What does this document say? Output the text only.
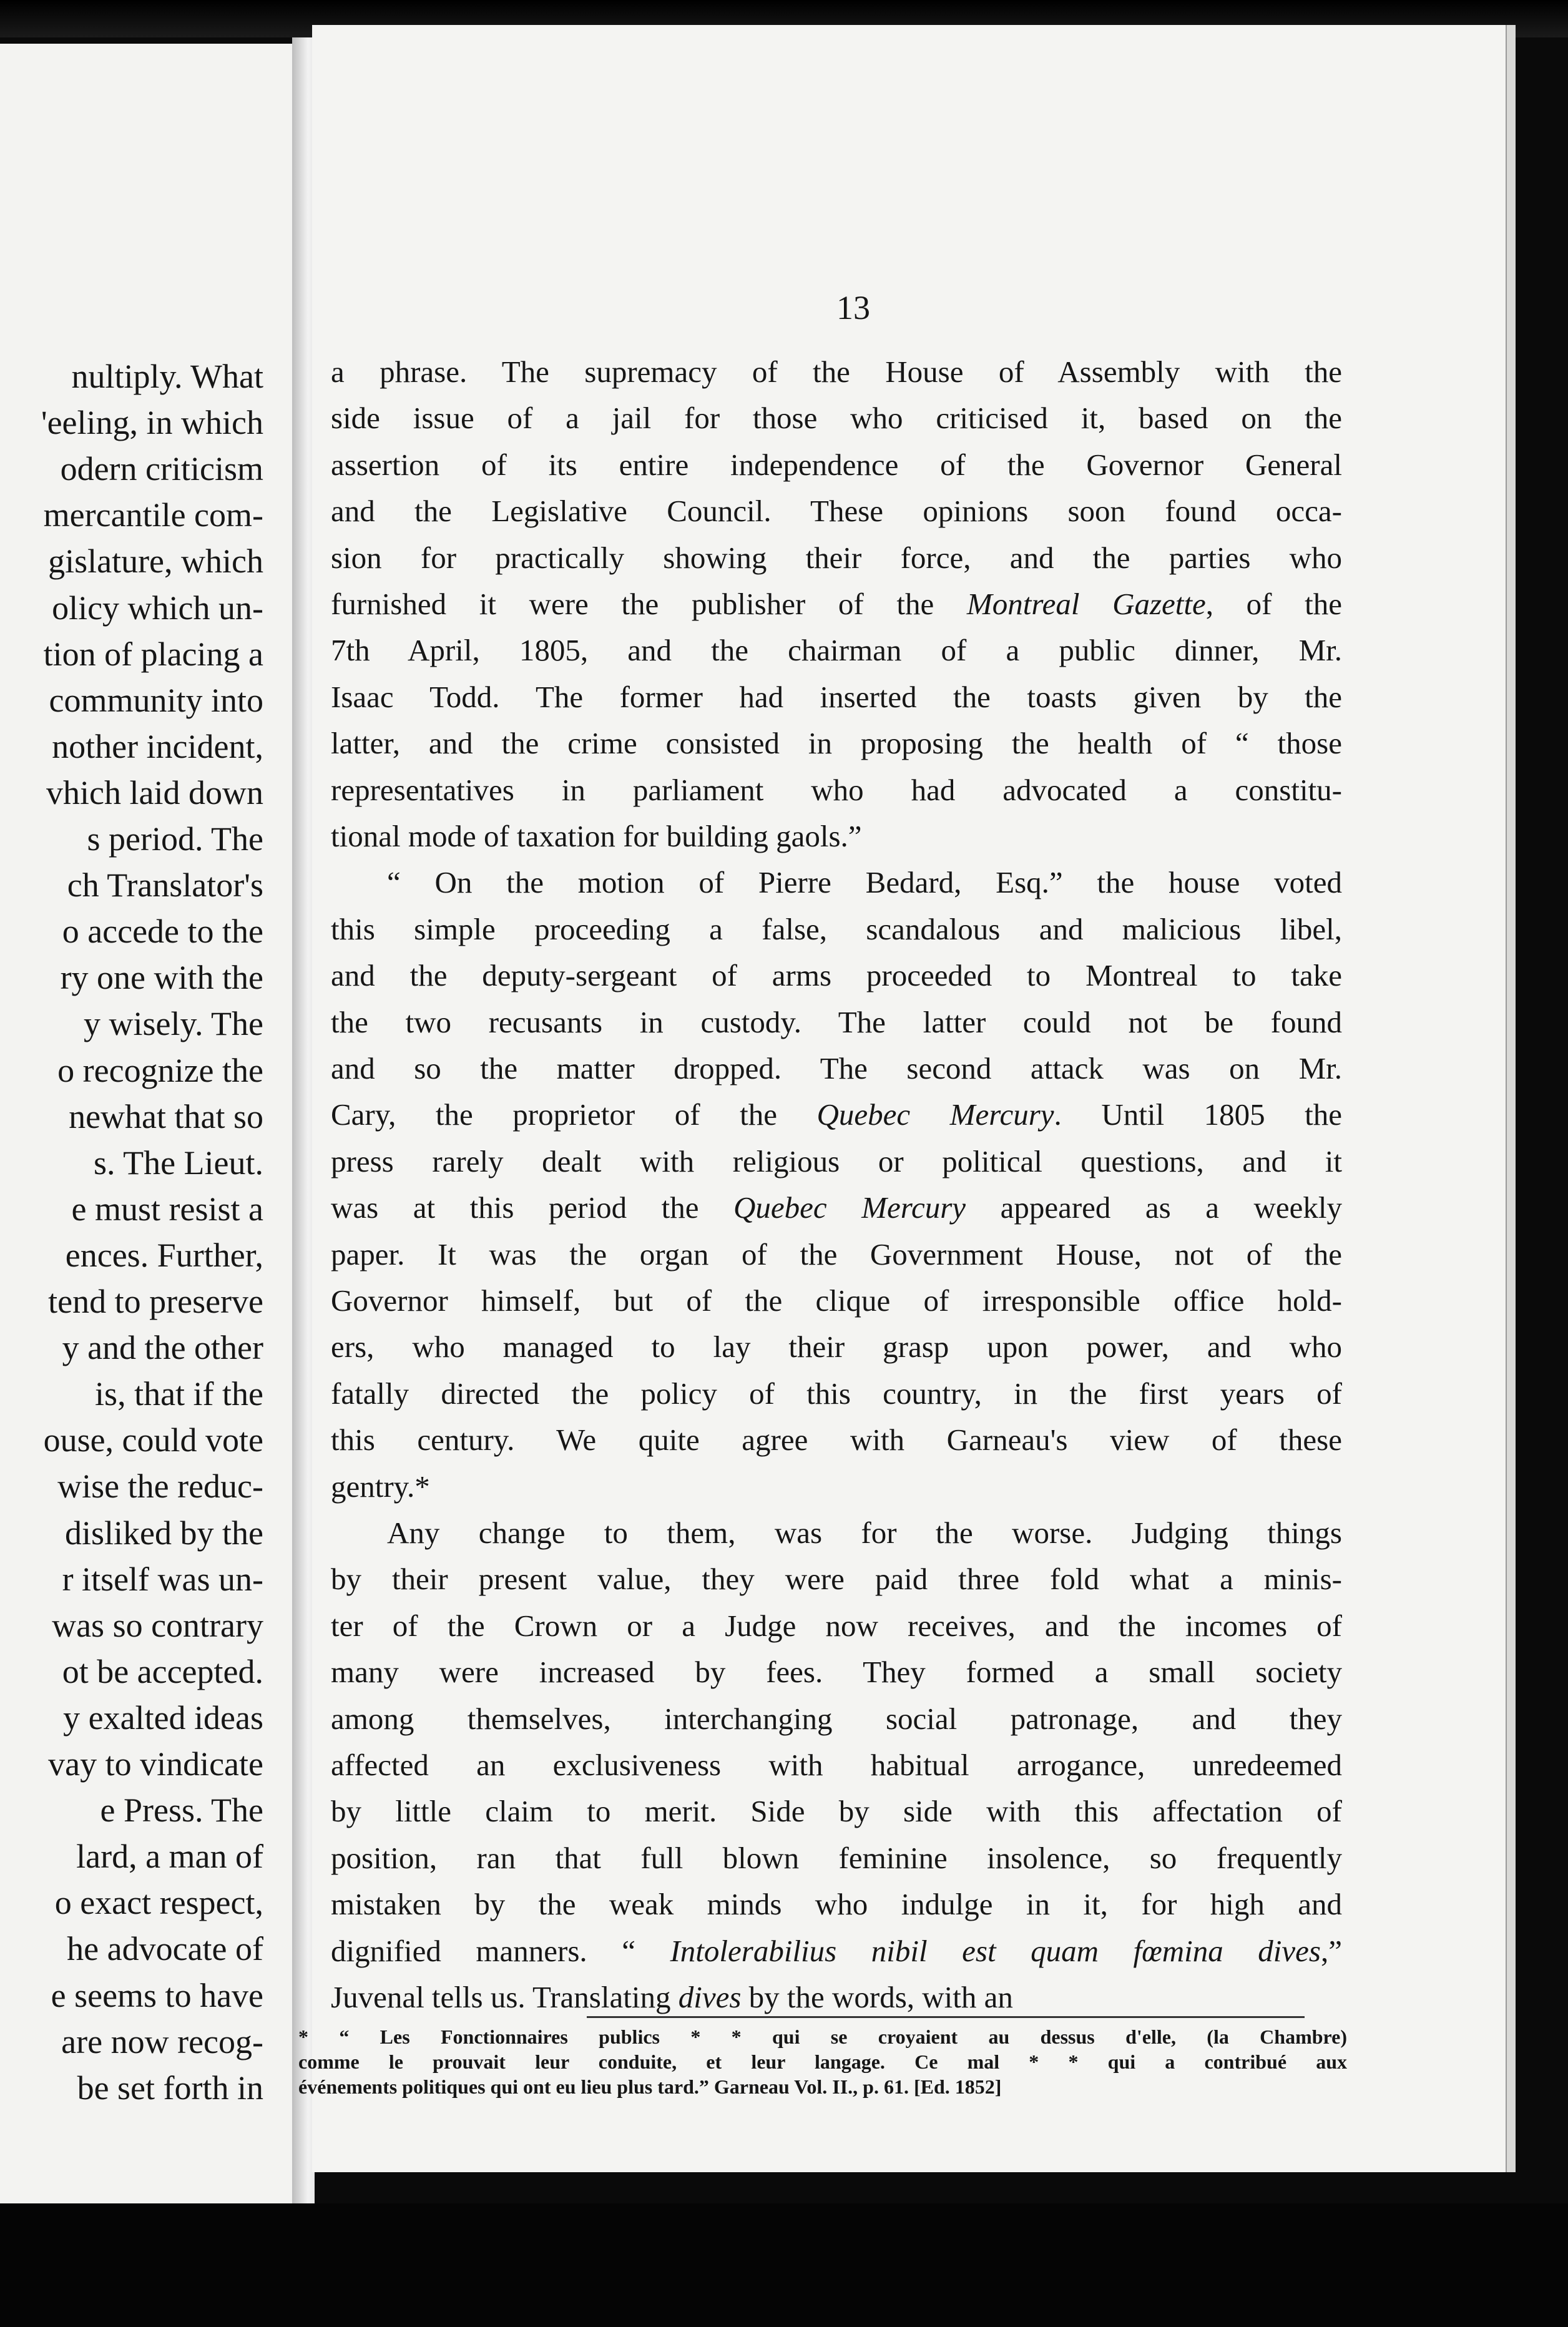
nultiply. What
'eeling, in which
odern criticism
mercantile com-
gislature, which
olicy which un-
tion of placing a
community into
nother incident,
vhich laid down
s period. The
ch Translator's
o accede to the
ry one with the
y wisely. The
o recognize the
newhat that so
s. The Lieut.
e must resist a
ences. Further,
tend to preserve
y and the other
is, that if the
ouse, could vote
wise the reduc-
disliked by the
r itself was un-
was so contrary
ot be accepted.
y exalted ideas
vay to vindicate
e Press. The
lard, a man of
o exact respect,
he advocate of
e seems to have
are now recog-
be set forth in
13
a phrase. The supremacy of the House of Assembly with the
side issue of a jail for those who criticised it, based on the
assertion of its entire independence of the Governor General
and the Legislative Council. These opinions soon found occa-
sion for practically showing their force, and the parties who
furnished it were the publisher of the Montreal Gazette, of the
7th April, 1805, and the chairman of a public dinner, Mr.
Isaac Todd. The former had inserted the toasts given by the
latter, and the crime consisted in proposing the health of “ those
representatives in parliament who had advocated a constitu-
tional mode of taxation for building gaols.”
“ On the motion of Pierre Bedard, Esq.” the house voted
this simple proceeding a false, scandalous and malicious libel,
and the deputy-sergeant of arms proceeded to Montreal to take
the two recusants in custody. The latter could not be found
and so the matter dropped. The second attack was on Mr.
Cary, the proprietor of the Quebec Mercury. Until 1805 the
press rarely dealt with religious or political questions, and it
was at this period the Quebec Mercury appeared as a weekly
paper. It was the organ of the Government House, not of the
Governor himself, but of the clique of irresponsible office hold-
ers, who managed to lay their grasp upon power, and who
fatally directed the policy of this country, in the first years of
this century. We quite agree with Garneau's view of these
gentry.*
Any change to them, was for the worse. Judging things
by their present value, they were paid three fold what a minis-
ter of the Crown or a Judge now receives, and the incomes of
many were increased by fees. They formed a small society
among themselves, interchanging social patronage, and they
affected an exclusiveness with habitual arrogance, unredeemed
by little claim to merit. Side by side with this affectation of
position, ran that full blown feminine insolence, so frequently
mistaken by the weak minds who indulge in it, for high and
dignified manners. “ Intolerabilius nibil est quam fœmina dives,”
Juvenal tells us. Translating dives by the words, with an
* “ Les Fonctionnaires publics * * qui se croyaient au dessus d'elle, (la Chambre)
comme le prouvait leur conduite, et leur langage. Ce mal * * qui a contribué aux
événements politiques qui ont eu lieu plus tard.” Garneau Vol. II., p. 61. [Ed. 1852]
